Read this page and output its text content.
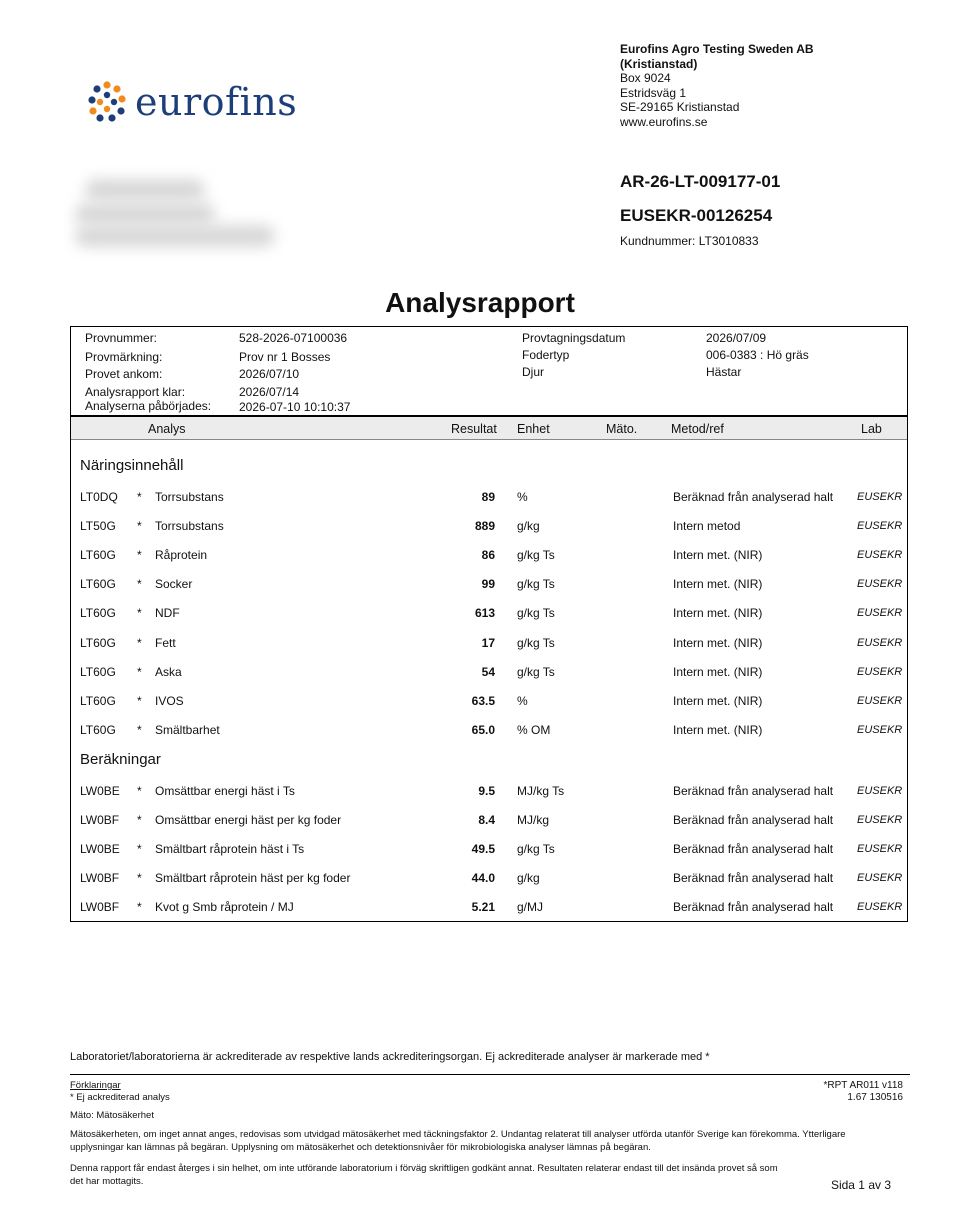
eurofins
Eurofins Agro Testing Sweden AB
(Kristianstad)
Box 9024
Estridsväg 1
SE-29165 Kristianstad
www.eurofins.se
AR-26-LT-009177-01
EUSEKR-00126254
Kundnummer: LT3010833
Analysrapport
Provnummer:	528-2026-07100036
Provmärkning:	Prov nr 1 Bosses
Provet ankom:	2026/07/10
Analysrapport klar:	2026/07/14
Analyserna påbörjades: 2026-07-10 10:10:37
Provtagningsdatum	2026/07/09
Fodertyp	006-0383 : Hö gräs
Djur	Hästar
Analys	Resultat Enhet	Mäto.	Metod/ref	Lab
Näringsinnehåll
LT0DQ * Torrsubstans	89 %	Beräknad från analyserad halt EUSEKR
LT50G * Torrsubstans	889 g/kg	Intern metod	EUSEKR
LT60G * Råprotein	86 g/kg Ts	Intern met. (NIR)	EUSEKR
LT60G * Socker	99 g/kg Ts	Intern met. (NIR)	EUSEKR
LT60G * NDF	613 g/kg Ts	Intern met. (NIR)	EUSEKR
LT60G * Fett	17 g/kg Ts	Intern met. (NIR)	EUSEKR
LT60G * Aska	54 g/kg Ts	Intern met. (NIR)	EUSEKR
LT60G * IVOS	63.5 %	Intern met. (NIR)	EUSEKR
LT60G * Smältbarhet	65.0 % OM	Intern met. (NIR)	EUSEKR
Beräkningar
LW0BE * Omsättbar energi häst i Ts	9.5 MJ/kg Ts	Beräknad från analyserad halt EUSEKR
LW0BF * Omsättbar energi häst per kg foder	8.4 MJ/kg	Beräknad från analyserad halt EUSEKR
LW0BE * Smältbart råprotein häst i Ts	49.5 g/kg Ts	Beräknad från analyserad halt EUSEKR
LW0BF * Smältbart råprotein häst per kg foder	44.0 g/kg	Beräknad från analyserad halt EUSEKR
LW0BF * Kvot g Smb råprotein / MJ	5.21 g/MJ	Beräknad från analyserad halt EUSEKR
Laboratoriet/laboratorierna är ackrediterade av respektive lands ackrediteringsorgan. Ej ackrediterade analyser är markerade med *
Förklaringar
* Ej ackrediterad analys
Mäto: Mätosäkerhet
Mätosäkerheten, om inget annat anges, redovisas som utvidgad mätosäkerhet med täckningsfaktor 2. Undantag relaterat till analyser utförda utanför Sverige kan förekomma. Ytterligare upplysningar kan lämnas på begäran. Upplysning om mätosäkerhet och detektionsnivåer för mikrobiologiska analyser lämnas på begäran.
Denna rapport får endast återges i sin helhet, om inte utförande laboratorium i förväg skriftligen godkänt annat. Resultaten relaterar endast till det insända provet så som det har mottagits.
*RPT AR011 v118
1.67 130516
Sida 1 av 3
